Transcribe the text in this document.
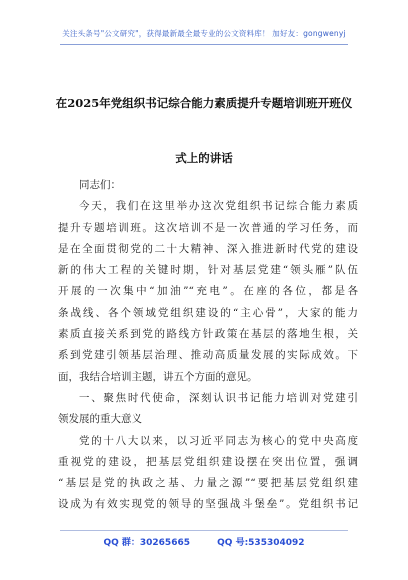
关注头条号"公文研究"，获得最新最全最专业的公文资料库！ 加好友：gongwenyj
在2025年党组织书记综合能力素质提升专题培训班开班仪
式上的讲话
同志们：
今天，我们在这里举办这次党组织书记综合能力素质
提升专题培训班。这次培训不是一次普通的学习任务，而
是在全面贯彻党的二十大精神、深入推进新时代党的建设
新的伟大工程的关键时期，针对基层党建“领头雁”队伍
开展的一次集中“加油”“充电”。在座的各位，都是各
条战线、各个领域党组织建设的“主心骨”，大家的能力
素质直接关系到党的路线方针政策在基层的落地生根，关
系到党建引领基层治理、推动高质量发展的实际成效。下
面，我结合培训主题，讲五个方面的意见。
一、聚焦时代使命，深刻认识书记能力培训对党建引
领发展的重大意义
党的十八大以来，以习近平同志为核心的党中央高度
重视党的建设，把基层党组织建设摆在突出位置，强调
“基层是党的执政之基、力量之源”“要把基层党组织建
设成为有效实现党的领导的坚强战斗堡垒”。党组织书记
QQ 群：30265665	QQ 号:535304092
